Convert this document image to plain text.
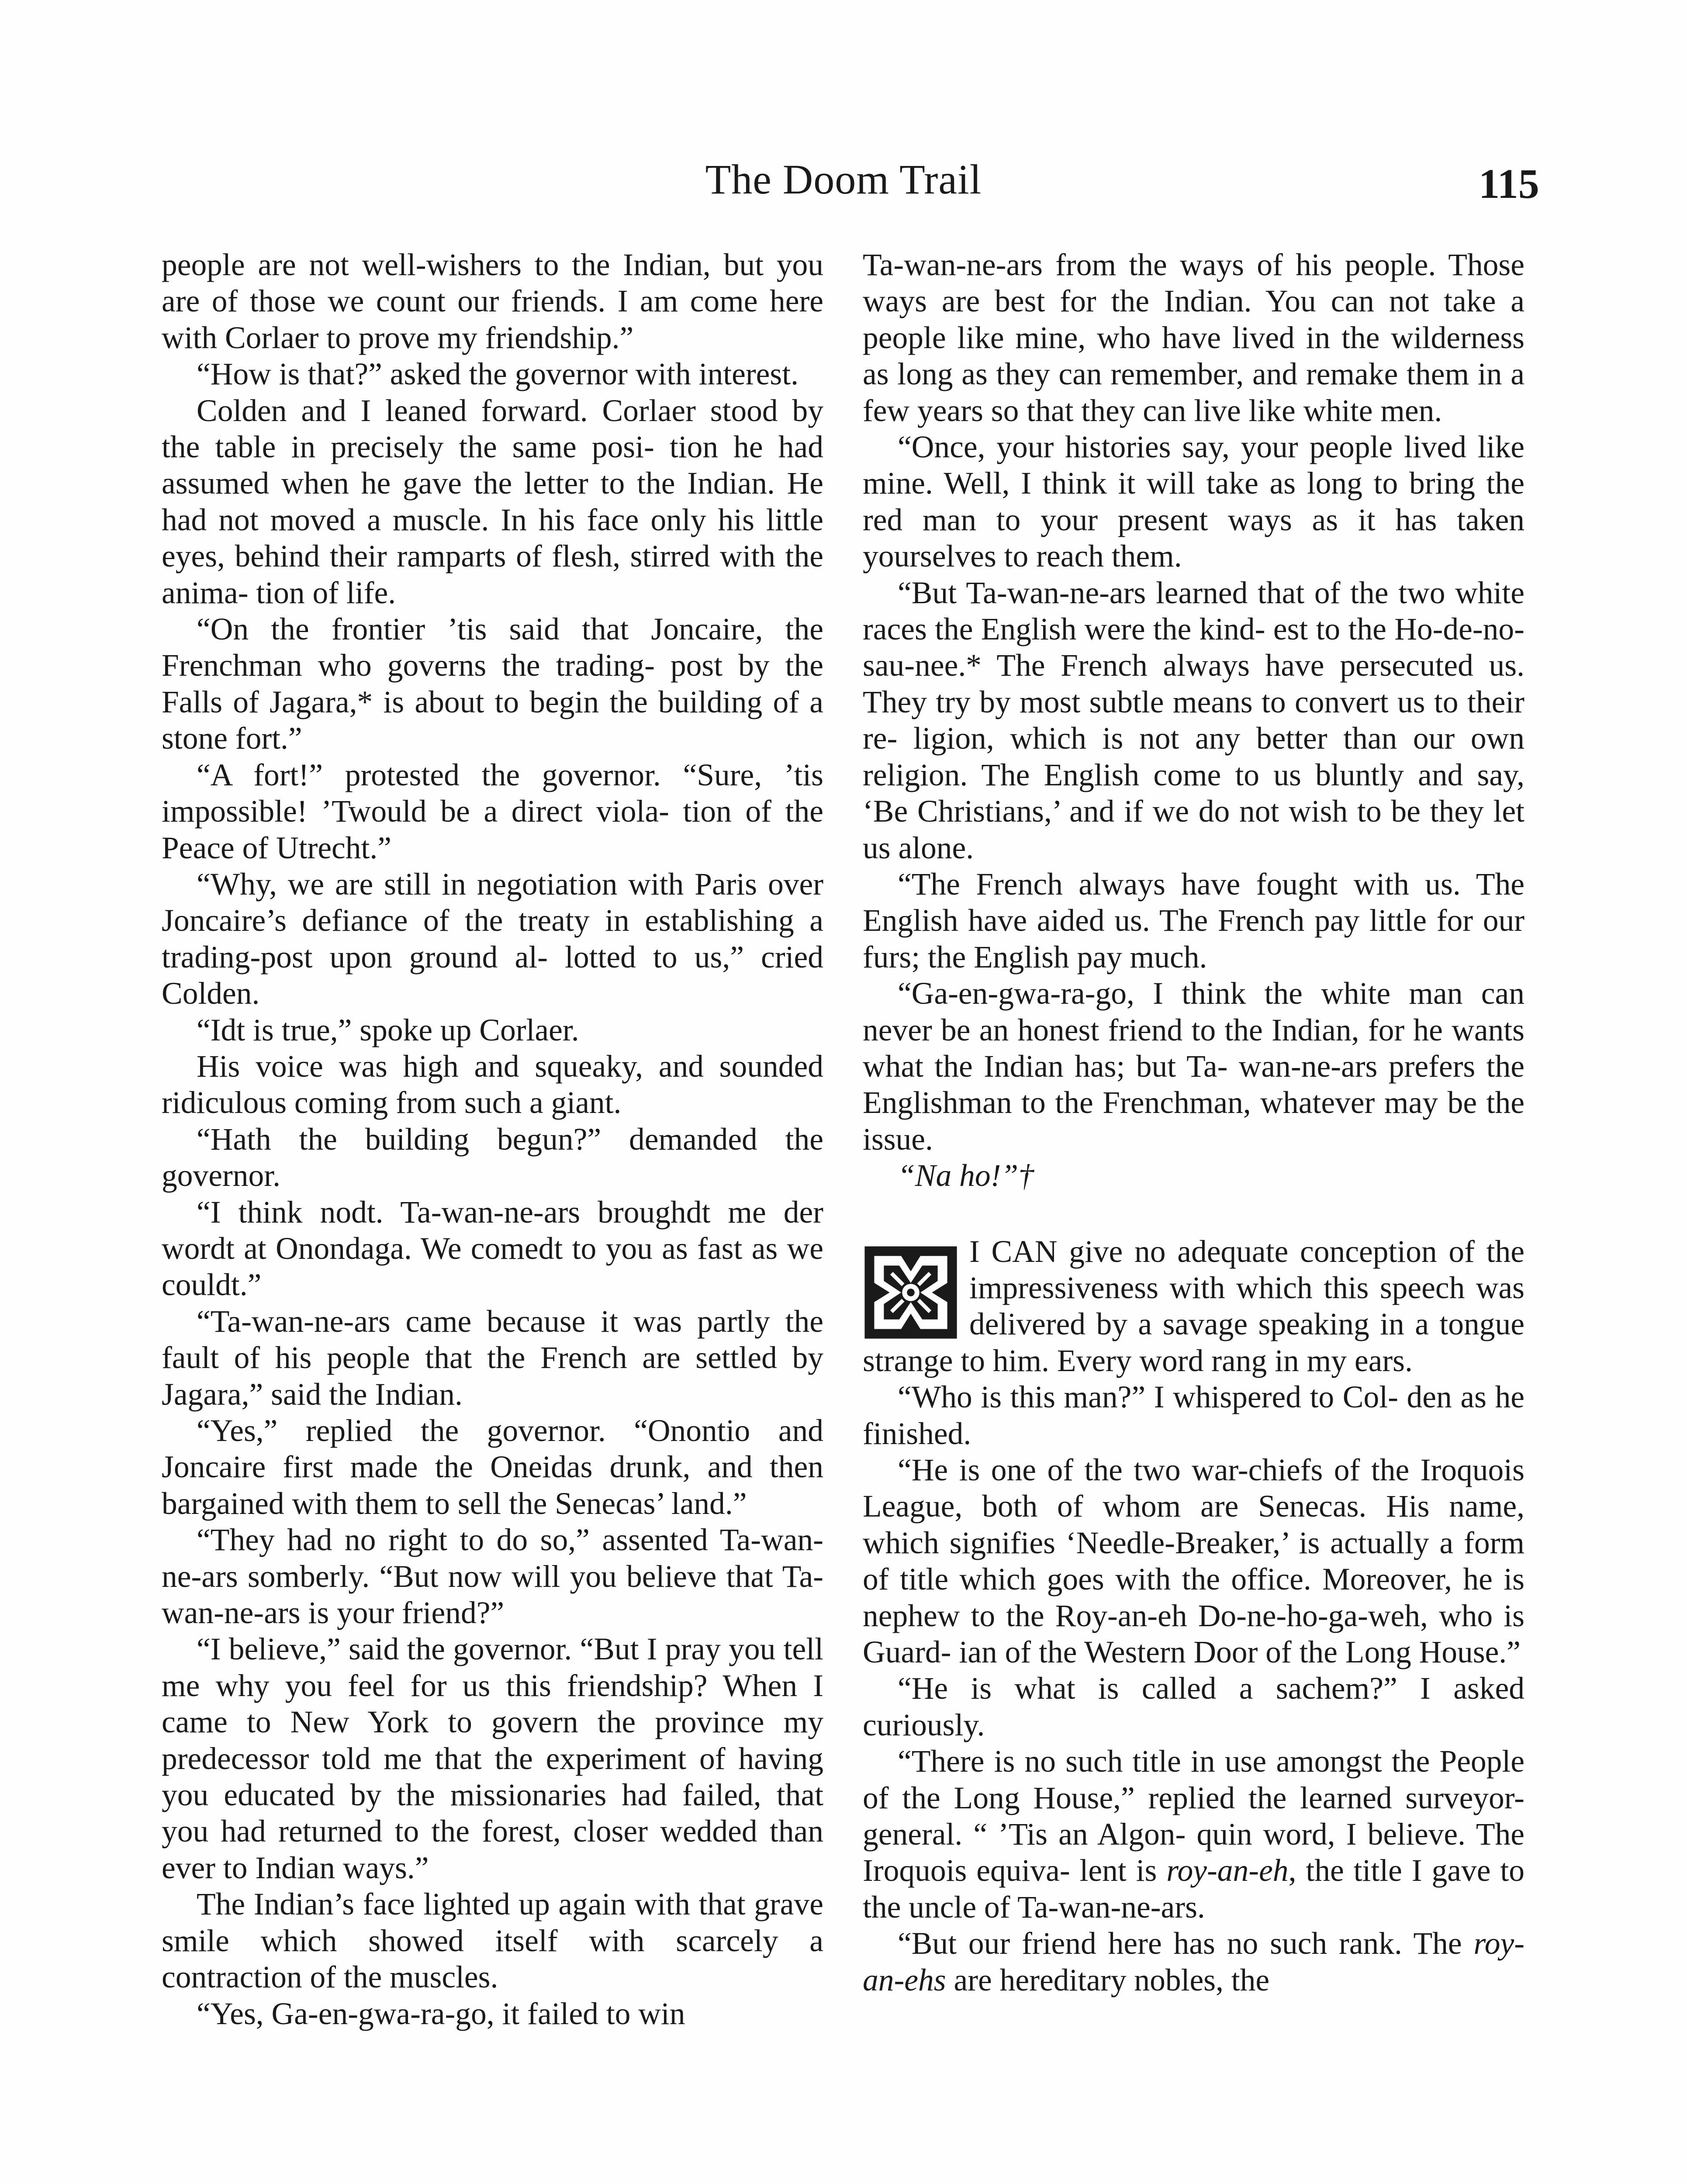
The Doom Trail	115

people are not well-wishers to the Indian, but you are of those we count our friends. I am come here with Corlaer to prove my friendship.”

“How is that?” asked the governor with interest.

Colden and I leaned forward. Corlaer stood by the table in precisely the same posi- tion he had assumed when he gave the letter to the Indian. He had not moved a muscle. In his face only his little eyes, behind their ramparts of flesh, stirred with the anima- tion of life.

“On the frontier ’tis said that Joncaire, the Frenchman who governs the trading- post by the Falls of Jagara,* is about to begin the building of a stone fort.”

“A fort!” protested the governor. “Sure, ’tis impossible! ’Twould be a direct viola- tion of the Peace of Utrecht.”

“Why, we are still in negotiation with Paris over Joncaire’s defiance of the treaty in establishing a trading-post upon ground al- lotted to us,” cried Colden.

“Idt is true,” spoke up Corlaer.

His voice was high and squeaky, and sounded ridiculous coming from such a giant.

“Hath the building begun?” demanded the governor.

“I think nodt. Ta-wan-ne-ars broughdt me der wordt at Onondaga. We comedt to you as fast as we couldt.”

“Ta-wan-ne-ars came because it was partly the fault of his people that the French are settled by Jagara,” said the Indian.

“Yes,” replied the governor. “Onontio and Joncaire first made the Oneidas drunk, and then bargained with them to sell the Senecas’ land.”

“They had no right to do so,” assented Ta-wan-ne-ars somberly. “But now will you believe that Ta-wan-ne-ars is your friend?”

“I believe,” said the governor. “But I pray you tell me why you feel for us this friendship? When I came to New York to govern the province my predecessor told me that the experiment of having you educated by the missionaries had failed, that you had returned to the forest, closer wedded than ever to Indian ways.”

The Indian’s face lighted up again with that grave smile which showed itself with scarcely a contraction of the muscles.

“Yes, Ga-en-gwa-ra-go, it failed to win

Ta-wan-ne-ars from the ways of his people. Those ways are best for the Indian. You can not take a people like mine, who have lived in the wilderness as long as they can remember, and remake them in a few years so that they can live like white men.

“Once, your histories say, your people lived like mine. Well, I think it will take as long to bring the red man to your present ways as it has taken yourselves to reach them.

“But Ta-wan-ne-ars learned that of the two white races the English were the kind- est to the Ho-de-no-sau-nee.* The French always have persecuted us. They try by most subtle means to convert us to their re- ligion, which is not any better than our own religion. The English come to us bluntly and say, ‘Be Christians,’ and if we do not wish to be they let us alone.

“The French always have fought with us. The English have aided us. The French pay little for our furs; the English pay much.

“Ga-en-gwa-ra-go, I think the white man can never be an honest friend to the Indian, for he wants what the Indian has; but Ta- wan-ne-ars prefers the Englishman to the Frenchman, whatever may be the issue.

“Na ho!”†

I CAN give no adequate conception of the impressiveness with which this speech was delivered by a savage speaking in a tongue strange to him. Every word rang in my ears.

“Who is this man?” I whispered to Col- den as he finished.

“He is one of the two war-chiefs of the Iroquois League, both of whom are Senecas. His name, which signifies ‘Needle-Breaker,’ is actually a form of title which goes with the office. Moreover, he is nephew to the Roy-an-eh Do-ne-ho-ga-weh, who is Guard- ian of the Western Door of the Long House.”

“He is what is called a sachem?” I asked curiously.

“There is no such title in use amongst the People of the Long House,” replied the learned surveyor-general. “ ’Tis an Algon- quin word, I believe. The Iroquois equiva- lent is roy-an-eh, the title I gave to the uncle of Ta-wan-ne-ars.

“But our friend here has no such rank. The roy-an-ehs are hereditary nobles, the
